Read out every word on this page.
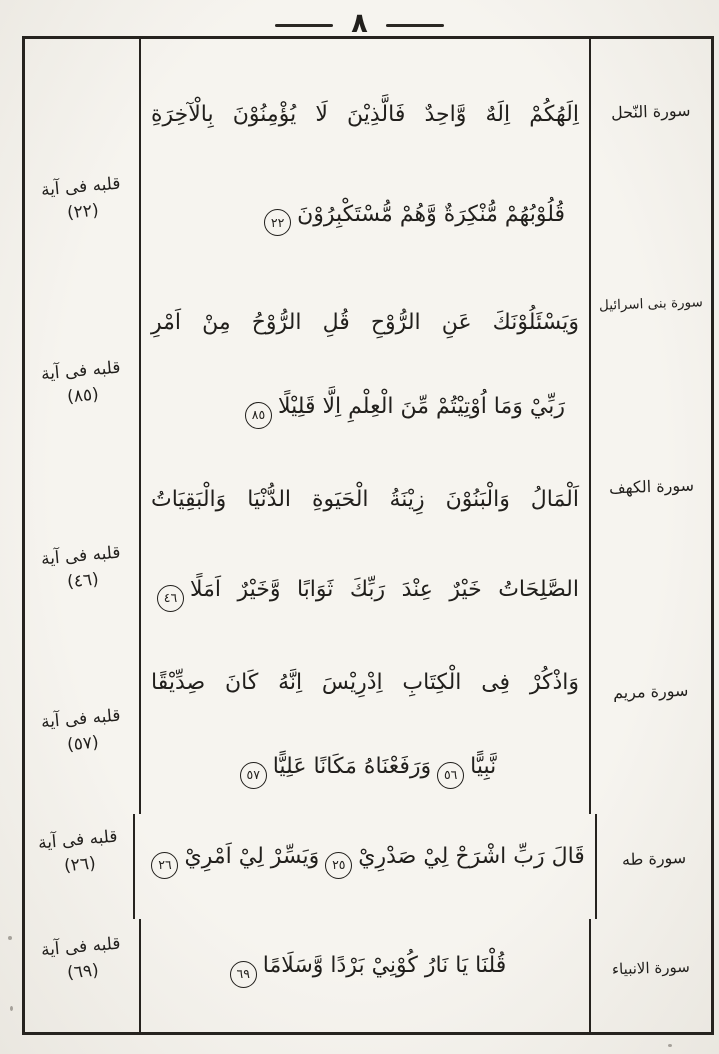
٨
سورة النّحل
اِلَهُكُمْ اِلَهٌ وَّاحِدٌ فَالَّذِيْنَ لَا يُؤْمِنُوْنَ بِالْآخِرَةِ
قُلُوْبُهُمْ مُّنْكِرَةٌ وَّهُمْ مُّسْتَكْبِرُوْنَ٢٢
قلبه فى آية
(٢٢)
سورة بنى اسرائيل
وَيَسْئَلُوْنَكَ عَنِ الرُّوْحِ قُلِ الرُّوْحُ مِنْ اَمْرِ
رَبِّيْ وَمَا اُوْتِيْتُمْ مِّنَ الْعِلْمِ اِلَّا قَلِيْلًا٨٥
قلبه فى آية
(٨٥)
سورة الكهف
اَلْمَالُ وَالْبَنُوْنَ زِيْنَةُ الْحَيَوةِ الدُّنْيَا وَالْبَقِيَاتُ
الصَّلِحَاتُ خَيْرٌ عِنْدَ رَبِّكَ ثَوَابًا وَّخَيْرٌ اَمَلًا٤٦
قلبه فى آية
(٤٦)
سورة مريم
وَاذْكُرْ فِى الْكِتَابِ اِدْرِيْسَ اِنَّهُ كَانَ صِدِّيْقًا
نَّبِيًّا٥٦وَرَفَعْنَاهُ مَكَانًا عَلِيًّا٥٧
قلبه فى آية
(٥٧)
سورة طه
قَالَ رَبِّ اشْرَحْ لِيْ صَدْرِيْ٢٥وَيَسِّرْ لِيْ اَمْرِيْ٢٦
قلبه فى آية
(٢٦)
سورة الانبياء
قُلْنَا يَا نَارُ كُوْنِيْ بَرْدًا وَّسَلَامًا٦٩
قلبه فى آية
(٦٩)
